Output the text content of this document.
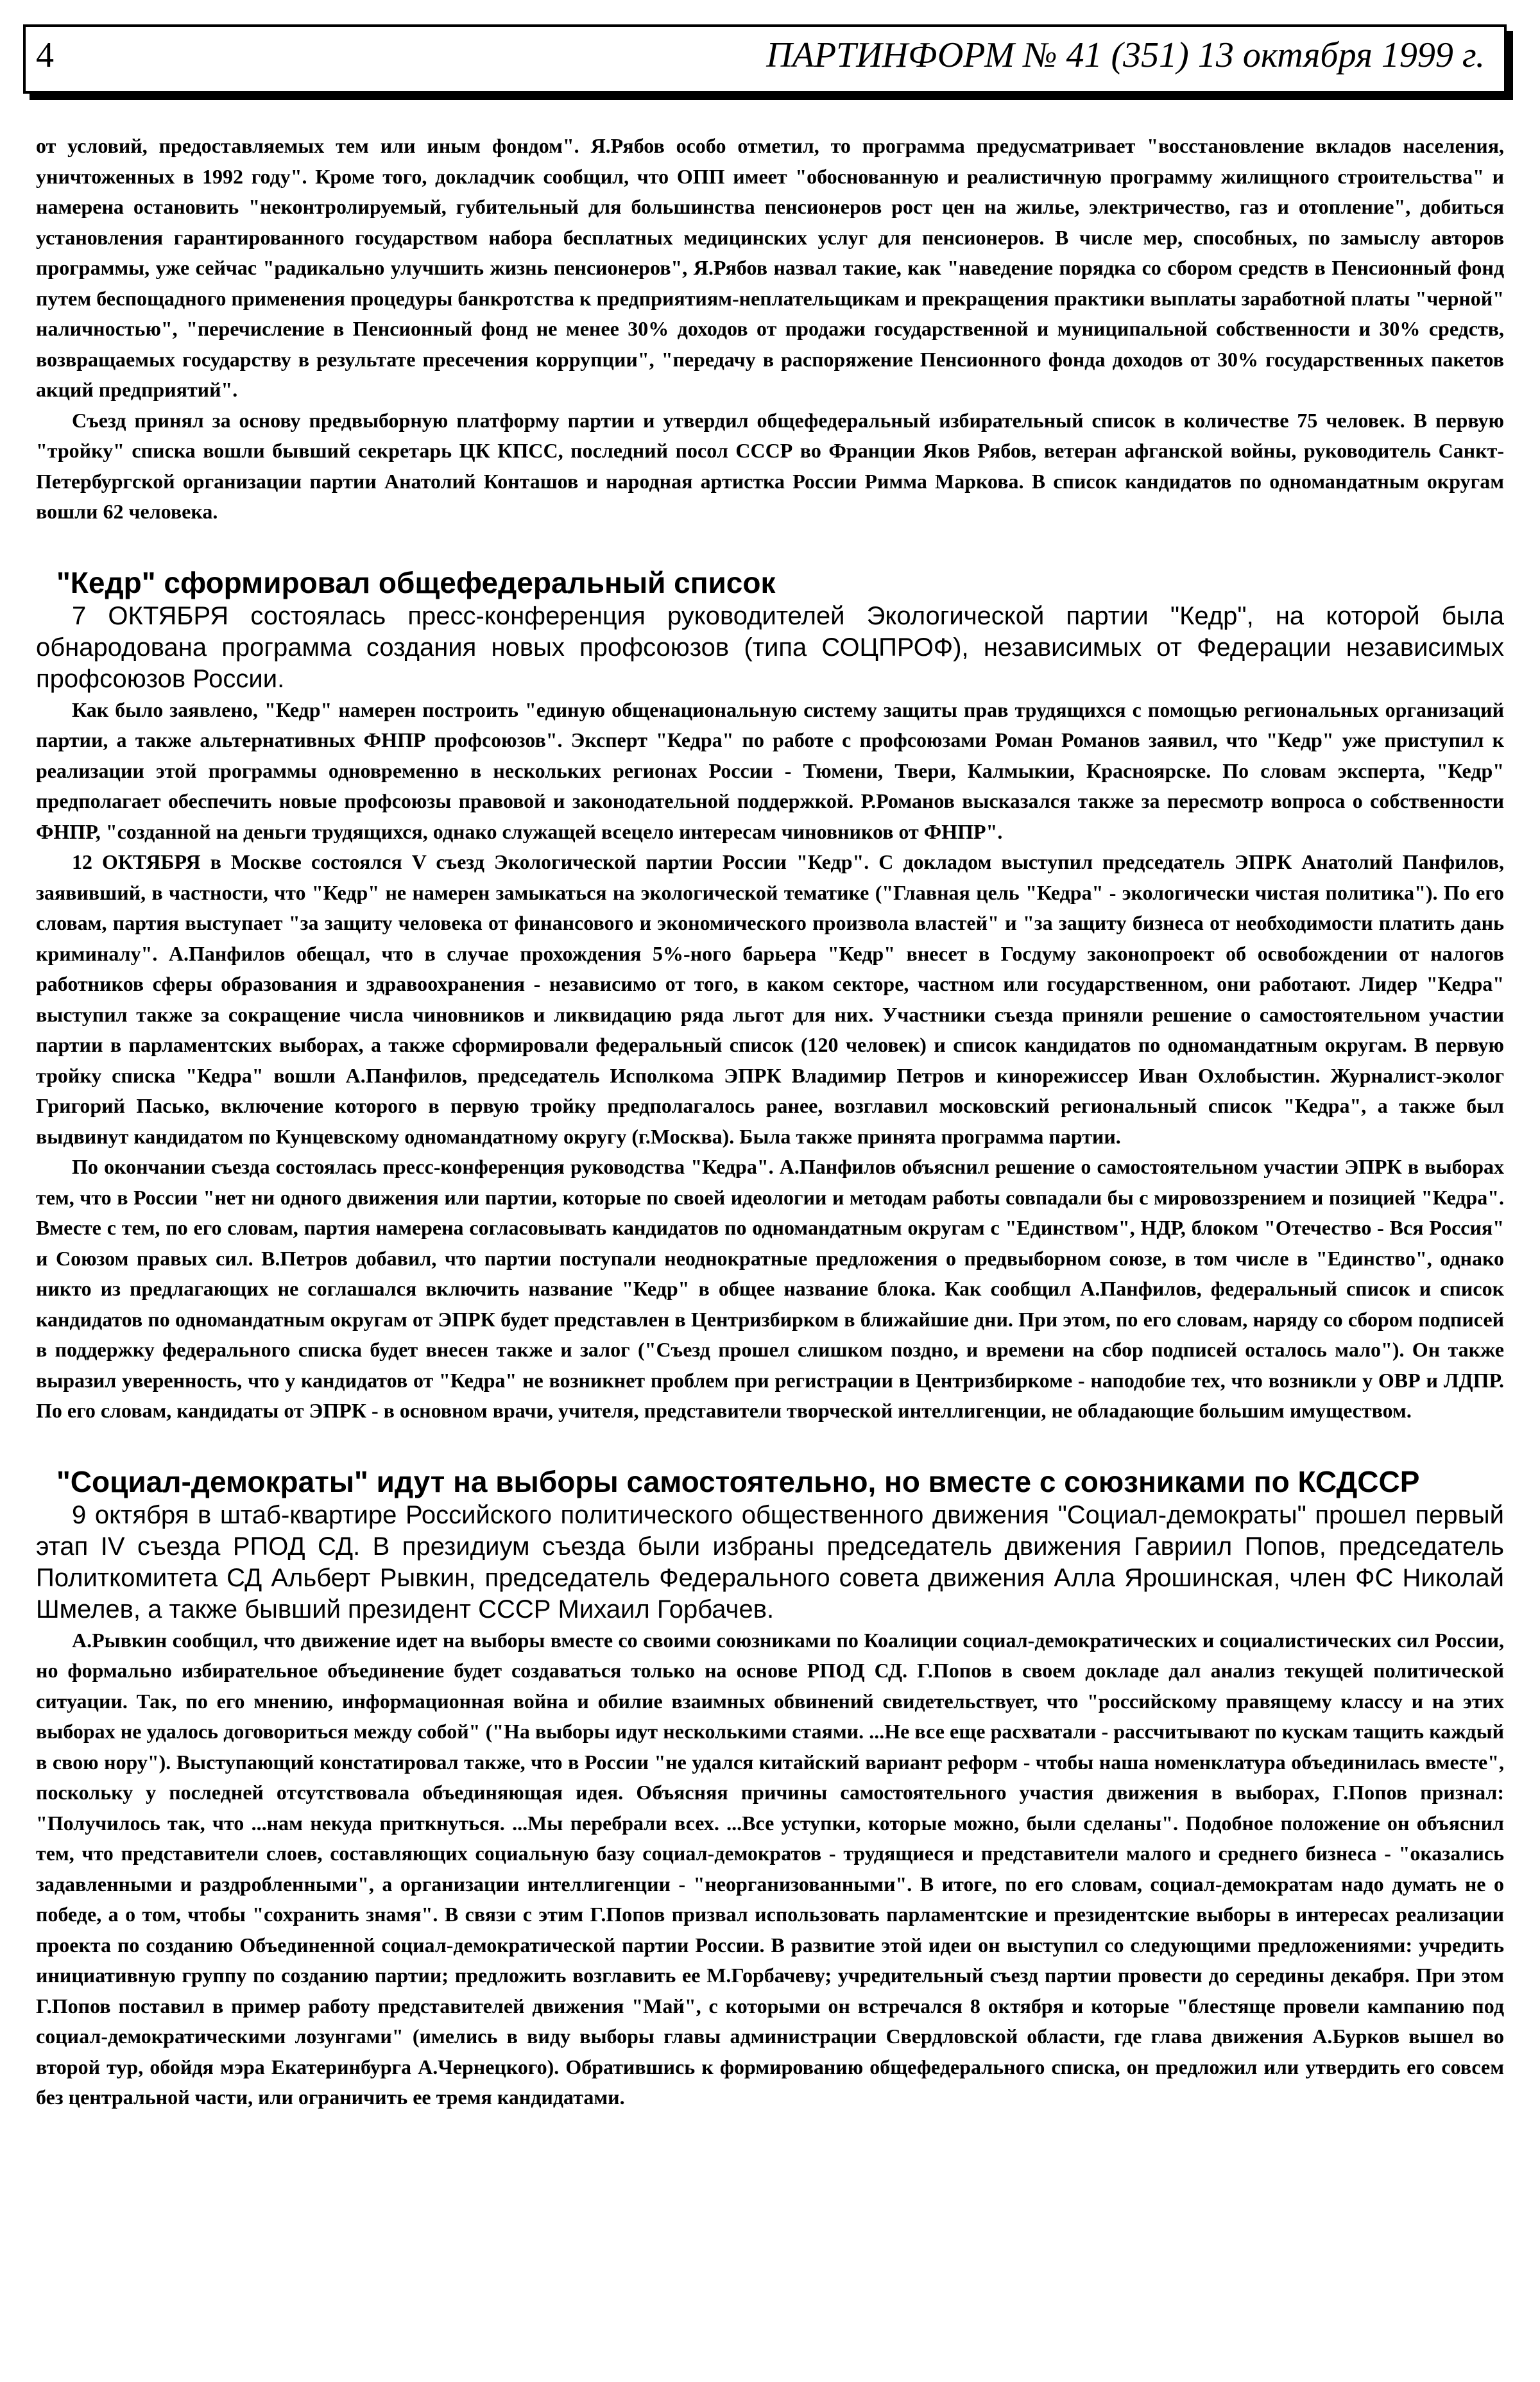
4	ПАРТИНФОРМ № 41 (351) 13 октября 1999 г.

от условий, предоставляемых тем или иным фондом". Я.Рябов особо отметил, то программа предусматривает "восстановление вкладов населения, уничтоженных в 1992 году". Кроме того, докладчик сообщил, что ОПП имеет "обоснованную и реалистичную программу жилищного строительства" и намерена остановить "неконтролируемый, губительный для большинства пенсионеров рост цен на жилье, электричество, газ и отопление", добиться установления гарантированного государством набора бесплатных медицинских услуг для пенсионеров. В числе мер, способных, по замыслу авторов программы, уже сейчас "радикально улучшить жизнь пенсионеров", Я.Рябов назвал такие, как "наведение порядка со сбором средств в Пенсионный фонд путем беспощадного применения процедуры банкротства к предприятиям-неплательщикам и прекращения практики выплаты заработной платы "черной" наличностью", "перечисление в Пенсионный фонд не менее 30% доходов от продажи государственной и муниципальной собственности и 30% средств, возвращаемых государству в результате пресечения коррупции", "передачу в распоряжение Пенсионного фонда доходов от 30% государственных пакетов акций предприятий".

Съезд принял за основу предвыборную платформу партии и утвердил общефедеральный избирательный список в количестве 75 человек. В первую "тройку" списка вошли бывший секретарь ЦК КПСС, последний посол СССР во Франции Яков Рябов, ветеран афганской войны, руководитель Санкт-Петербургской организации партии Анатолий Конташов и народная артистка России Римма Маркова. В список кандидатов по одномандатным округам вошли 62 человека.

"Кедр" сформировал общефедеральный список

7 ОКТЯБРЯ состоялась пресс-конференция руководителей Экологической партии "Кедр", на которой была обнародована программа создания новых профсоюзов (типа СОЦПРОФ), независимых от Федерации независимых профсоюзов России.

Как было заявлено, "Кедр" намерен построить "единую общенациональную систему защиты прав трудящихся с помощью региональных организаций партии, а также альтернативных ФНПР профсоюзов". Эксперт "Кедра" по работе с профсоюзами Роман Романов заявил, что "Кедр" уже приступил к реализации этой программы одновременно в нескольких регионах России - Тюмени, Твери, Калмыкии, Красноярске. По словам эксперта, "Кедр" предполагает обеспечить новые профсоюзы правовой и законодательной поддержкой. Р.Романов высказался также за пересмотр вопроса о собственности ФНПР, "созданной на деньги трудящихся, однако служащей всецело интересам чиновников от ФНПР".

12 ОКТЯБРЯ в Москве состоялся V съезд Экологической партии России "Кедр". С докладом выступил председатель ЭПРК Анатолий Панфилов, заявивший, в частности, что "Кедр" не намерен замыкаться на экологической тематике ("Главная цель "Кедра" - экологически чистая политика"). По его словам, партия выступает "за защиту человека от финансового и экономического произвола властей" и "за защиту бизнеса от необходимости платить дань криминалу". А.Панфилов обещал, что в случае прохождения 5%-ного барьера "Кедр" внесет в Госдуму законопроект об освобождении от налогов работников сферы образования и здравоохранения - независимо от того, в каком секторе, частном или государственном, они работают. Лидер "Кедра" выступил также за сокращение числа чиновников и ликвидацию ряда льгот для них. Участники съезда приняли решение о самостоятельном участии партии в парламентских выборах, а также сформировали федеральный список (120 человек) и список кандидатов по одномандатным округам. В первую тройку списка "Кедра" вошли А.Панфилов, председатель Исполкома ЭПРК Владимир Петров и кинорежиссер Иван Охлобыстин. Журналист-эколог Григорий Пасько, включение которого в первую тройку предполагалось ранее, возглавил московский региональный список "Кедра", а также был выдвинут кандидатом по Кунцевскому одномандатному округу (г.Москва). Была также принята программа партии.

По окончании съезда состоялась пресс-конференция руководства "Кедра". А.Панфилов объяснил решение о самостоятельном участии ЭПРК в выборах тем, что в России "нет ни одного движения или партии, которые по своей идеологии и методам работы совпадали бы с мировоззрением и позицией "Кедра". Вместе с тем, по его словам, партия намерена согласовывать кандидатов по одномандатным округам с "Единством", НДР, блоком "Отечество - Вся Россия" и Союзом правых сил. В.Петров добавил, что партии поступали неоднократные предложения о предвыборном союзе, в том числе в "Единство", однако никто из предлагающих не соглашался включить название "Кедр" в общее название блока. Как сообщил А.Панфилов, федеральный список и список кандидатов по одномандатным округам от ЭПРК будет представлен в Центризбирком в ближайшие дни. При этом, по его словам, наряду со сбором подписей в поддержку федерального списка будет внесен также и залог ("Съезд прошел слишком поздно, и времени на сбор подписей осталось мало"). Он также выразил уверенность, что у кандидатов от "Кедра" не возникнет проблем при регистрации в Центризбиркоме - наподобие тех, что возникли у ОВР и ЛДПР. По его словам, кандидаты от ЭПРК - в основном врачи, учителя, представители творческой интеллигенции, не обладающие большим имуществом.

"Социал-демократы" идут на выборы самостоятельно, но вместе с союзниками по КСДССР

9 октября в штаб-квартире Российского политического общественного движения "Социал-демократы" прошел первый этап IV съезда РПОД СД. В президиум съезда были избраны председатель движения Гавриил Попов, председатель Политкомитета СД Альберт Рывкин, председатель Федерального совета движения Алла Ярошинская, член ФС Николай Шмелев, а также бывший президент СССР Михаил Горбачев.

А.Рывкин сообщил, что движение идет на выборы вместе со своими союзниками по Коалиции социал-демократических и социалистических сил России, но формально избирательное объединение будет создаваться только на основе РПОД СД. Г.Попов в своем докладе дал анализ текущей политической ситуации. Так, по его мнению, информационная война и обилие взаимных обвинений свидетельствует, что "российскому правящему классу и на этих выборах не удалось договориться между собой" ("На выборы идут несколькими стаями. ...Не все еще расхватали - рассчитывают по кускам тащить каждый в свою нору"). Выступающий констатировал также, что в России "не удался китайский вариант реформ - чтобы наша номенклатура объединилась вместе", поскольку у последней отсутствовала объединяющая идея. Объясняя причины самостоятельного участия движения в выборах, Г.Попов признал: "Получилось так, что ...нам некуда приткнуться. ...Мы перебрали всех. ...Все уступки, которые можно, были сделаны". Подобное положение он объяснил тем, что представители слоев, составляющих социальную базу социал-демократов - трудящиеся и представители малого и среднего бизнеса - "оказались задавленными и раздробленными", а организации интеллигенции - "неорганизованными". В итоге, по его словам, социал-демократам надо думать не о победе, а о том, чтобы "сохранить знамя". В связи с этим Г.Попов призвал использовать парламентские и президентские выборы в интересах реализации проекта по созданию Объединенной социал-демократической партии России. В развитие этой идеи он выступил со следующими предложениями: учредить инициативную группу по созданию партии; предложить возглавить ее М.Горбачеву; учредительный съезд партии провести до середины декабря. При этом Г.Попов поставил в пример работу представителей движения "Май", с которыми он встречался 8 октября и которые "блестяще провели кампанию под социал-демократическими лозунгами" (имелись в виду выборы главы администрации Свердловской области, где глава движения А.Бурков вышел во второй тур, обойдя мэра Екатеринбурга А.Чернецкого). Обратившись к формированию общефедерального списка, он предложил или утвердить его совсем без центральной части, или ограничить ее тремя кандидатами.
